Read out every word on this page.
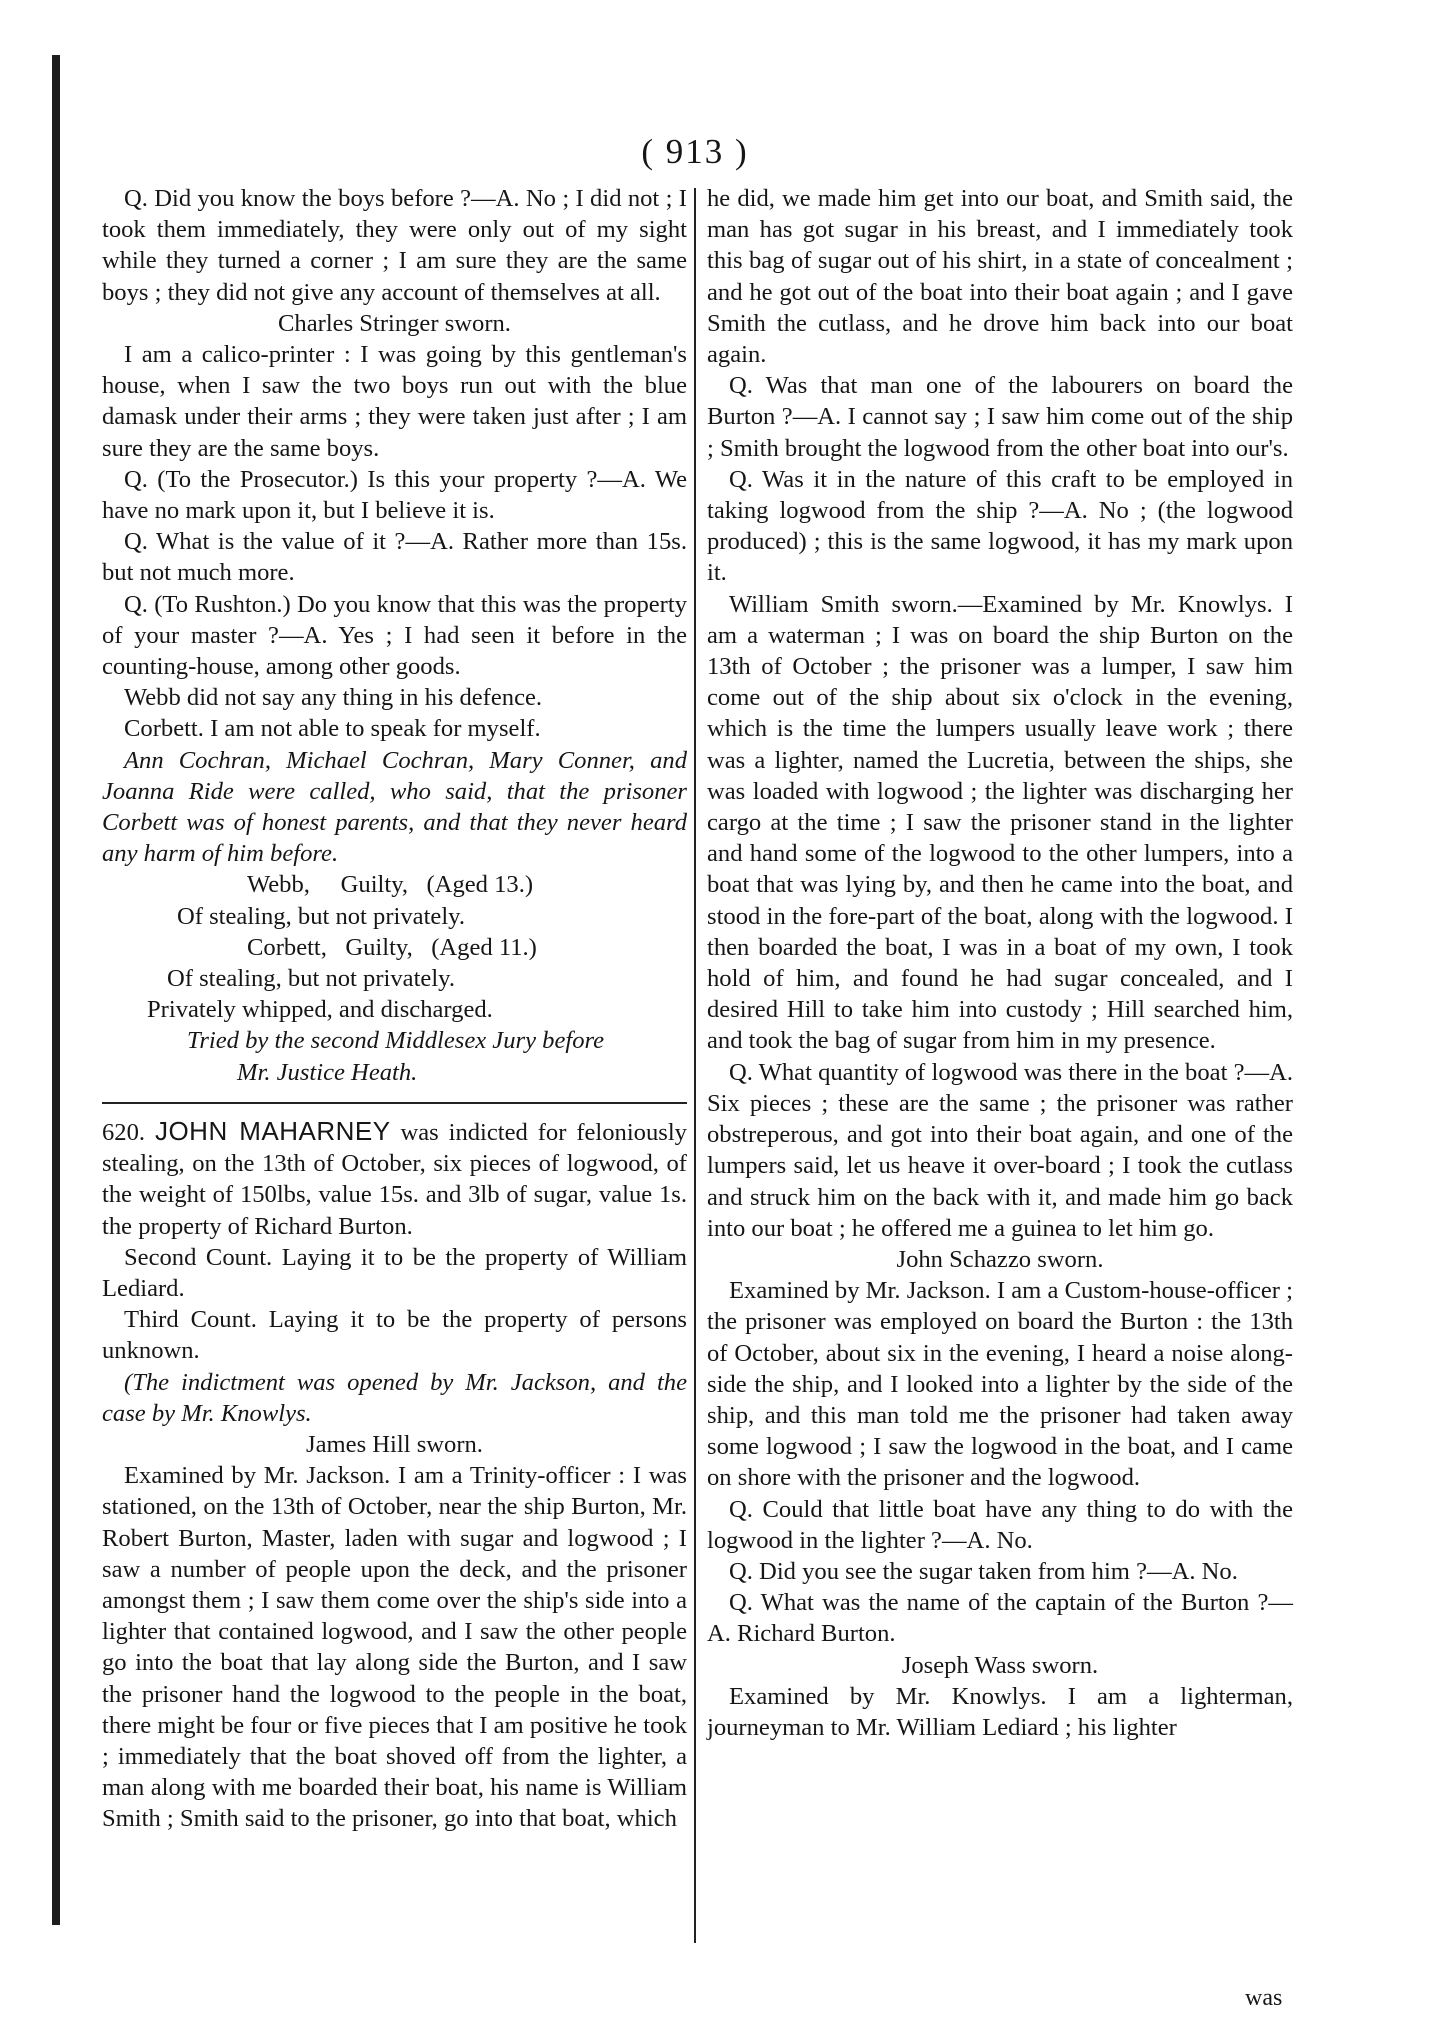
( 913 )

Q. Did you know the boys before ?—A. No ; I did not ; I took them immediately, they were only out of my sight while they turned a corner ; I am sure they are the same boys ; they did not give any account of themselves at all.

Charles Stringer sworn.

I am a calico-printer : I was going by this gentleman's house, when I saw the two boys run out with the blue damask under their arms ; they were taken just after ; I am sure they are the same boys.

Q. (To the Prosecutor.) Is this your property ?—A. We have no mark upon it, but I believe it is.

Q. What is the value of it ?—A. Rather more than 15s. but not much more.

Q. (To Rushton.) Do you know that this was the property of your master ?—A. Yes ; I had seen it before in the counting-house, among other goods.

Webb did not say any thing in his defence.

Corbett. I am not able to speak for myself.

Ann Cochran, Michael Cochran, Mary Conner, and Joanna Ride were called, who said, that the prisoner Corbett was of honest parents, and that they never heard any harm of him before.

Webb,     Guilty,   (Aged 13.)

Of stealing, but not privately.

Corbett,   Guilty,   (Aged 11.)

Of stealing, but not privately.

Privately whipped, and discharged.

Tried by the second Middlesex Jury before

Mr. Justice Heath.

620. JOHN MAHARNEY was indicted for feloniously stealing, on the 13th of October, six pieces of logwood, of the weight of 150lbs, value 15s. and 3lb of sugar, value 1s. the property of Richard Burton.

Second Count. Laying it to be the property of William Lediard.

Third Count. Laying it to be the property of persons unknown.

(The indictment was opened by Mr. Jackson, and the case by Mr. Knowlys.

James Hill sworn.

Examined by Mr. Jackson. I am a Trinity-officer : I was stationed, on the 13th of October, near the ship Burton, Mr. Robert Burton, Master, laden with sugar and logwood ; I saw a number of people upon the deck, and the prisoner amongst them ; I saw them come over the ship's side into a lighter that contained logwood, and I saw the other people go into the boat that lay along side the Burton, and I saw the prisoner hand the logwood to the people in the boat, there might be four or five pieces that I am positive he took ; immediately that the boat shoved off from the lighter, a man along with me boarded their boat, his name is William Smith ; Smith said to the prisoner, go into that boat, which

he did, we made him get into our boat, and Smith said, the man has got sugar in his breast, and I immediately took this bag of sugar out of his shirt, in a state of concealment ; and he got out of the boat into their boat again ; and I gave Smith the cutlass, and he drove him back into our boat again.

Q. Was that man one of the labourers on board the Burton ?—A. I cannot say ; I saw him come out of the ship ; Smith brought the logwood from the other boat into our's.

Q. Was it in the nature of this craft to be employed in taking logwood from the ship ?—A. No ; (the logwood produced) ; this is the same logwood, it has my mark upon it.

William Smith sworn.—Examined by Mr. Knowlys. I am a waterman ; I was on board the ship Burton on the 13th of October ; the prisoner was a lumper, I saw him come out of the ship about six o'clock in the evening, which is the time the lumpers usually leave work ; there was a lighter, named the Lucretia, between the ships, she was loaded with logwood ; the lighter was discharging her cargo at the time ; I saw the prisoner stand in the lighter and hand some of the logwood to the other lumpers, into a boat that was lying by, and then he came into the boat, and stood in the fore-part of the boat, along with the logwood. I then boarded the boat, I was in a boat of my own, I took hold of him, and found he had sugar concealed, and I desired Hill to take him into custody ; Hill searched him, and took the bag of sugar from him in my presence.

Q. What quantity of logwood was there in the boat ?—A. Six pieces ; these are the same ; the prisoner was rather obstreperous, and got into their boat again, and one of the lumpers said, let us heave it over-board ; I took the cutlass and struck him on the back with it, and made him go back into our boat ; he offered me a guinea to let him go.

John Schazzo sworn.

Examined by Mr. Jackson. I am a Custom-house-officer ; the prisoner was employed on board the Burton : the 13th of October, about six in the evening, I heard a noise along-side the ship, and I looked into a lighter by the side of the ship, and this man told me the prisoner had taken away some logwood ; I saw the logwood in the boat, and I came on shore with the prisoner and the logwood.

Q. Could that little boat have any thing to do with the logwood in the lighter ?—A. No.

Q. Did you see the sugar taken from him ?—A. No.

Q. What was the name of the captain of the Burton ?—A. Richard Burton.

Joseph Wass sworn.

Examined by Mr. Knowlys. I am a lighterman, journeyman to Mr. William Lediard ; his lighter

was
